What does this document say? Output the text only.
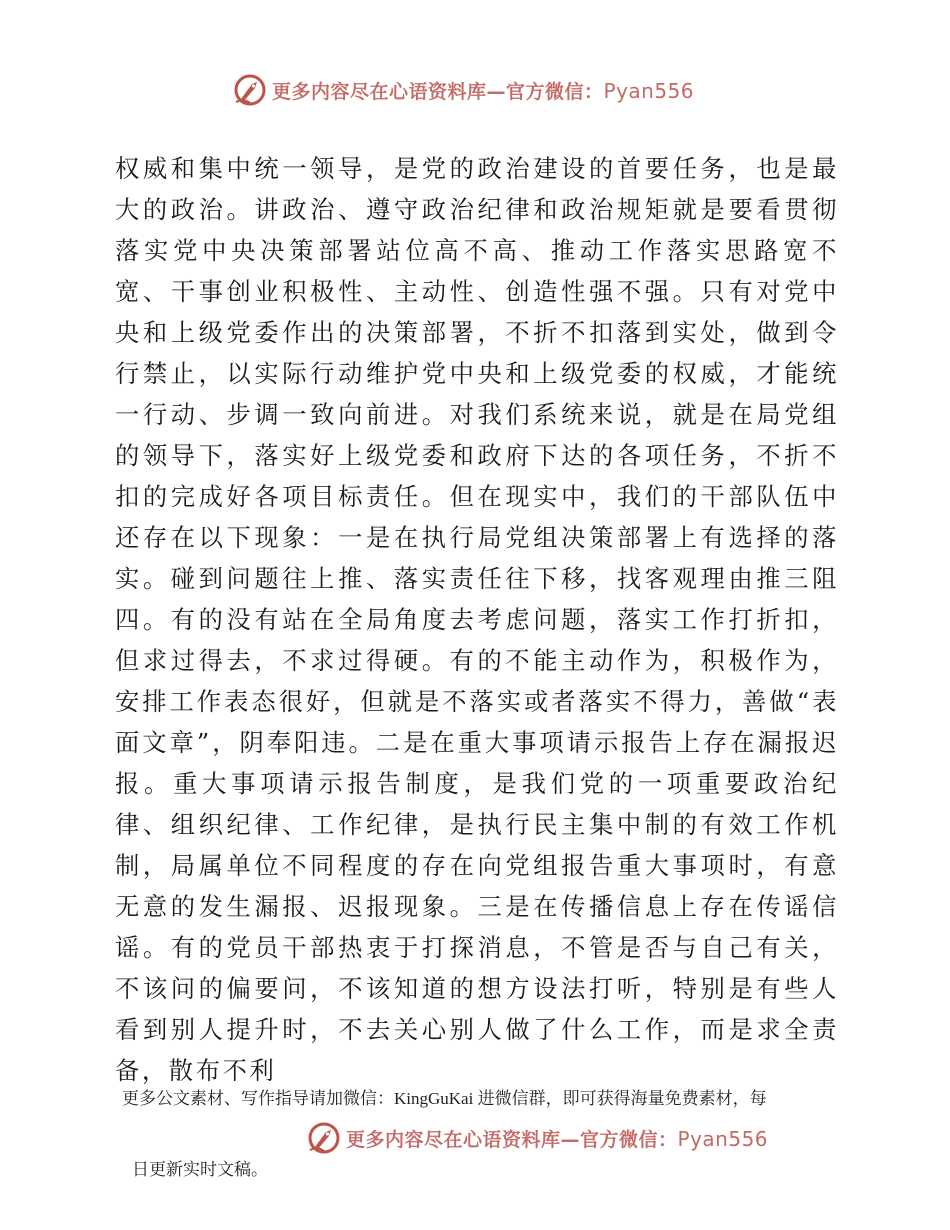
更多内容尽在心语资料库—官方微信：Pyan556

权威和集中统一领导，是党的政治建设的首要任务，也是最大的政治。讲政治、遵守政治纪律和政治规矩就是要看贯彻落实党中央决策部署站位高不高、推动工作落实思路宽不宽、干事创业积极性、主动性、创造性强不强。只有对党中央和上级党委作出的决策部署，不折不扣落到实处，做到令行禁止，以实际行动维护党中央和上级党委的权威，才能统一行动、步调一致向前进。对我们系统来说，就是在局党组的领导下，落实好上级党委和政府下达的各项任务，不折不扣的完成好各项目标责任。但在现实中，我们的干部队伍中还存在以下现象：一是在执行局党组决策部署上有选择的落实。碰到问题往上推、落实责任往下移，找客观理由推三阻四。有的没有站在全局角度去考虑问题，落实工作打折扣，但求过得去，不求过得硬。有的不能主动作为，积极作为，安排工作表态很好，但就是不落实或者落实不得力，善做“表面文章”，阴奉阳违。二是在重大事项请示报告上存在漏报迟报。重大事项请示报告制度，是我们党的一项重要政治纪律、组织纪律、工作纪律，是执行民主集中制的有效工作机制，局属单位不同程度的存在向党组报告重大事项时，有意无意的发生漏报、迟报现象。三是在传播信息上存在传谣信谣。有的党员干部热衷于打探消息，不管是否与自己有关，不该问的偏要问，不该知道的想方设法打听，特别是有些人看到别人提升时，不去关心别人做了什么工作，而是求全责备，散布不利

更多公文素材、写作指导请加微信：KingGuKai 进微信群，即可获得海量免费素材，每

更多内容尽在心语资料库—官方微信：Pyan556

日更新实时文稿。
